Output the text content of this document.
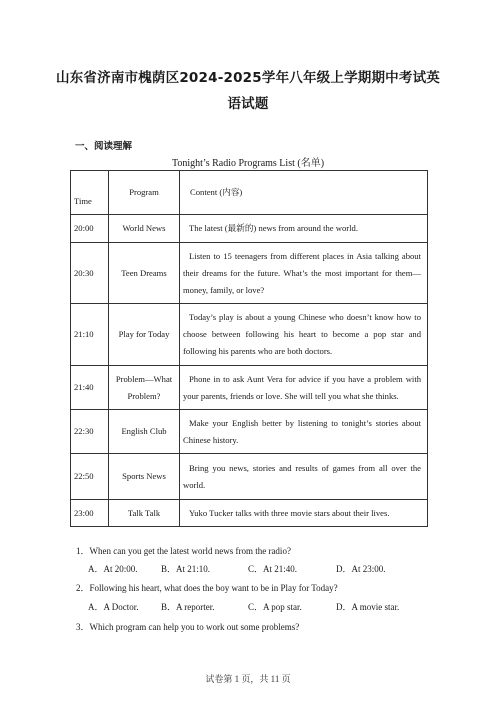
山东省济南市槐荫区2024-2025学年八年级上学期期中考试英
语试题
一、阅读理解
Tonight’s Radio Programs List (名单)
Time	Program	Content (内容)
20:00	World News	The latest (最新的) news from around the world.
20:30	Teen Dreams	Listen to 15 teenagers from different places in Asia talking about their dreams for the future. What’s the most important for them—money, family, or love?
21:10	Play for Today	Today’s play is about a young Chinese who doesn’t know how to choose between following his heart to become a pop star and following his parents who are both doctors.
21:40	Problem—What Problem?	Phone in to ask Aunt Vera for advice if you have a problem with your parents, friends or love. She will tell you what she thinks.
22:30	English Club	Make your English better by listening to tonight’s stories about Chinese history.
22:50	Sports News	Bring you news, stories and results of games from all over the world.
23:00	Talk Talk	Yuko Tucker talks with three movie stars about their lives.
1．When can you get the latest world news from the radio?
A．At 20:00.	B．At 21:10.	C．At 21:40.	D．At 23:00.
2．Following his heart, what does the boy want to be in Play for Today?
A．A Doctor.	B．A reporter.	C．A pop star.	D．A movie star.
3．Which program can help you to work out some problems?
试卷第 1 页，共 11 页
